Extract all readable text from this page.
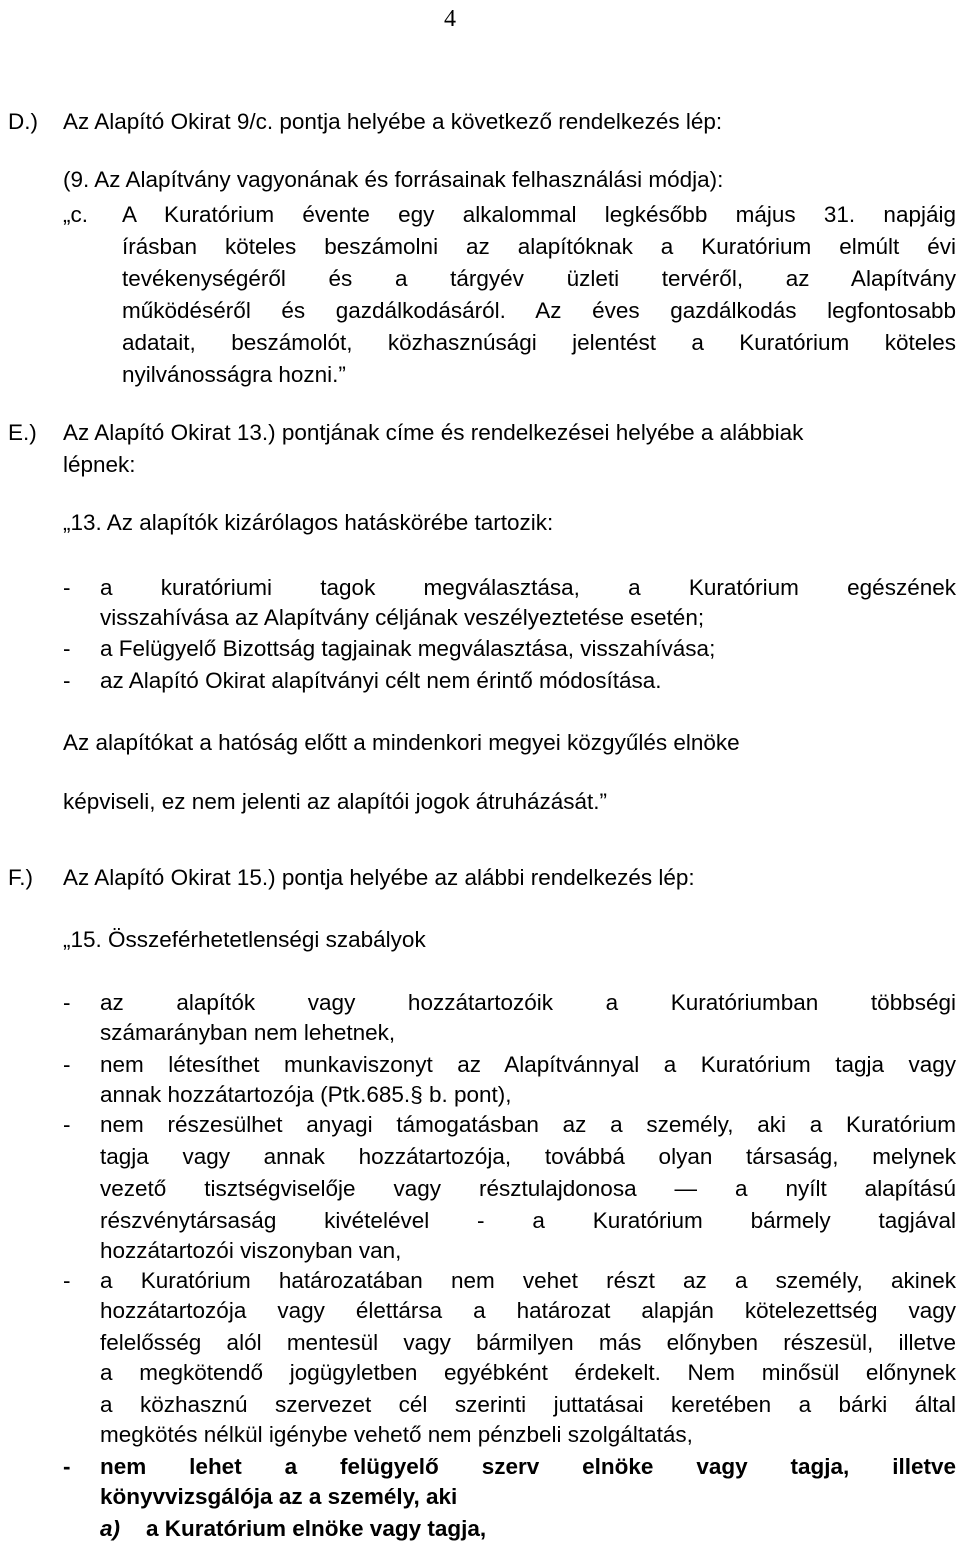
4
D.) Az Alapító Okirat 9/c. pontja helyébe a következő rendelkezés lép:
(9. Az Alapítvány vagyonának és forrásainak felhasználási módja):
„c. A Kuratórium évente egy alkalommal legkésőbb május 31. napjáig
írásban köteles beszámolni az alapítóknak a Kuratórium elmúlt évi
tevékenységéről és a tárgyév üzleti tervéről, az Alapítvány
működéséről és gazdálkodásáról. Az éves gazdálkodás legfontosabb
adatait, beszámolót, közhasznúsági jelentést a Kuratórium köteles
nyilvánosságra hozni.”
E.) Az Alapító Okirat 13.) pontjának címe és rendelkezései helyébe a alábbiak
lépnek:
„13. Az alapítók kizárólagos hatáskörébe tartozik:
- a kuratóriumi tagok megválasztása, a Kuratórium egészének
visszahívása az Alapítvány céljának veszélyeztetése esetén;
- a Felügyelő Bizottság tagjainak megválasztása, visszahívása;
- az Alapító Okirat alapítványi célt nem érintő módosítása.
Az alapítókat a hatóság előtt a mindenkori megyei közgyűlés elnöke
képviseli, ez nem jelenti az alapítói jogok átruházását.”
F.) Az Alapító Okirat 15.) pontja helyébe az alábbi rendelkezés lép:
„15. Összeférhetetlenségi szabályok
- az alapítók vagy hozzátartozóik a Kuratóriumban többségi
számarányban nem lehetnek,
- nem létesíthet munkaviszonyt az Alapítvánnyal a Kuratórium tagja vagy
annak hozzátartozója (Ptk.685.§ b. pont),
- nem részesülhet anyagi támogatásban az a személy, aki a Kuratórium
tagja vagy annak hozzátartozója, továbbá olyan társaság, melynek
vezető tisztségviselője vagy résztulajdonosa — a nyílt alapítású
részvénytársaság kivételével - a Kuratórium bármely tagjával
hozzátartozói viszonyban van,
- a Kuratórium határozatában nem vehet részt az a személy, akinek
hozzátartozója vagy élettársa a határozat alapján kötelezettség vagy
felelősség alól mentesül vagy bármilyen más előnyben részesül, illetve
a megkötendő jogügyletben egyébként érdekelt. Nem minősül előnynek
a közhasznú szervezet cél szerinti juttatásai keretében a bárki által
megkötés nélkül igénybe vehető nem pénzbeli szolgáltatás,
- nem lehet a felügyelő szerv elnöke vagy tagja, illetve
könyvvizsgálója az a személy, aki
a) a Kuratórium elnöke vagy tagja,
